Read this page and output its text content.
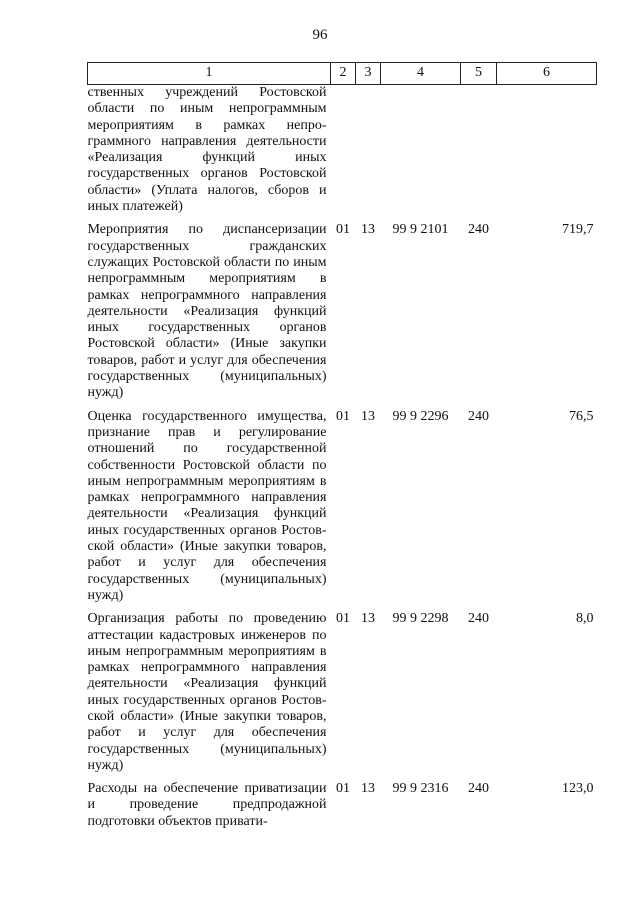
96
1	2	3	4	5	6
ственных учреждений Ростовской области по иным непрограммным мероприятиям в рамках непрограммного направления деятельности «Реализация функций иных государственных органов Ростовской области» (Уплата налогов, сборов и иных платежей)					
Мероприятия по диспансеризации государственных гражданских служащих Ростовской области по иным непрограммным мероприятиям в рамках непрограммного направления деятельности «Реализация функций иных государственных органов Ростовской области» (Иные закупки товаров, работ и услуг для обеспечения государственных (муниципальных) нужд)	01	13	99 9 2101	240	719,7
Оценка государственного имущества, признание прав и регулирование отношений по государственной собственности Ростовской области по иным непрограммным мероприятиям в рамках непрограммного направления деятельности «Реализация функций иных государственных органов Ростовской области» (Иные закупки товаров, работ и услуг для обеспечения государственных (муниципальных) нужд)	01	13	99 9 2296	240	76,5
Организация работы по проведению аттестации кадастровых инженеров по иным непрограммным мероприятиям в рамках непрограммного направления деятельности «Реализация функций иных государственных органов Ростовской области» (Иные закупки товаров, работ и услуг для обеспечения государственных (муниципальных) нужд)	01	13	99 9 2298	240	8,0
Расходы на обеспечение приватизации и проведение предпродажной подготовки объектов привати-	01	13	99 9 2316	240	123,0
